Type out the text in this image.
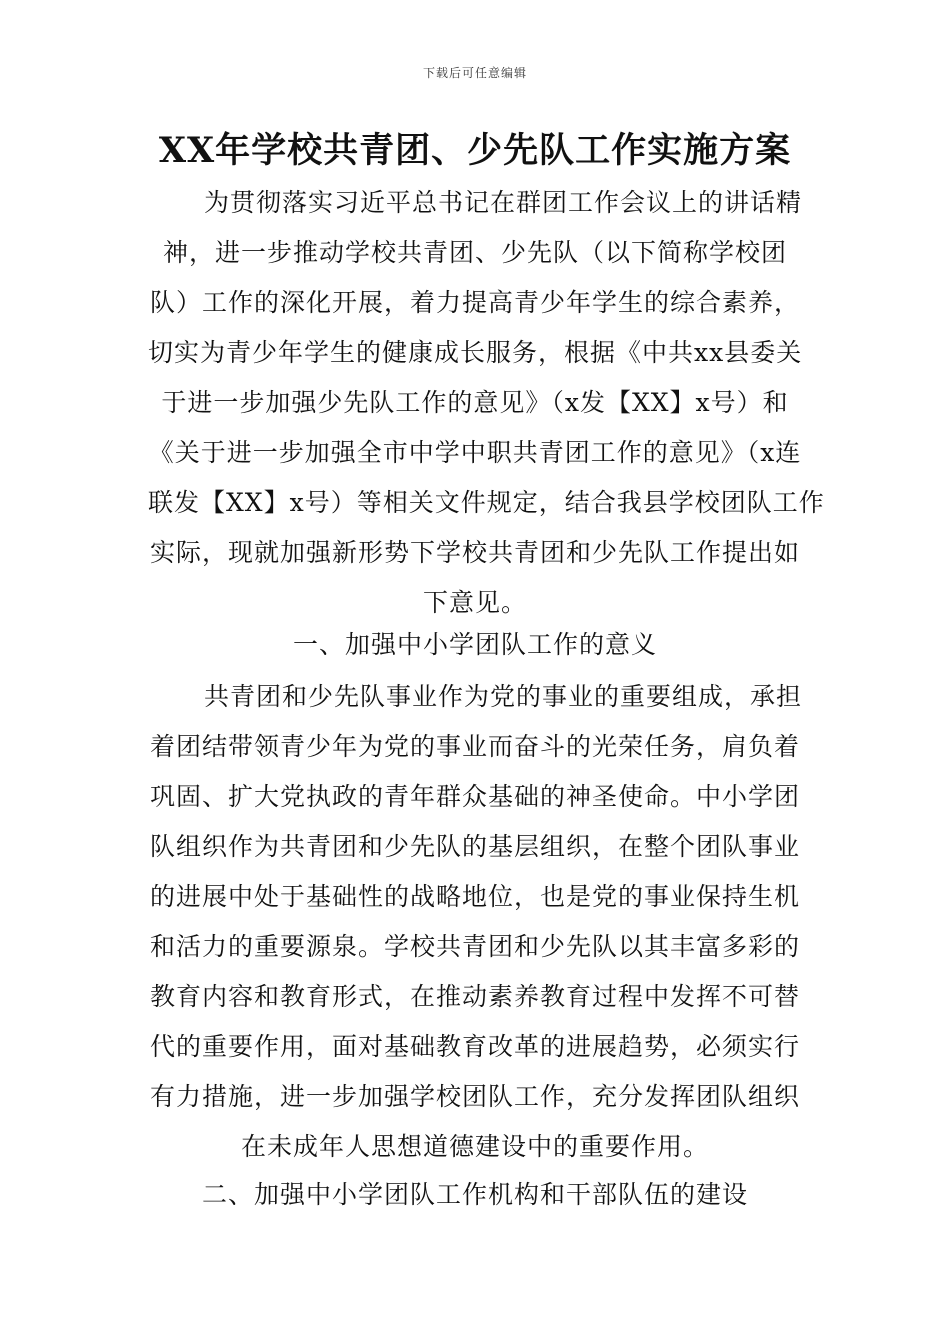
下载后可任意编辑
XX年学校共青团、少先队工作实施方案
为贯彻落实习近平总书记在群团工作会议上的讲话精
神，进一步推动学校共青团、少先队（以下简称学校团
队）工作的深化开展，着力提高青少年学生的综合素养，
切实为青少年学生的健康成长服务，根据《中共xx县委关
于进一步加强少先队工作的意见》（x发【XX】x号）和
《关于进一步加强全市中学中职共青团工作的意见》（x连
联发【XX】x号）等相关文件规定，结合我县学校团队工作
实际，现就加强新形势下学校共青团和少先队工作提出如
下意见。
一、加强中小学团队工作的意义
共青团和少先队事业作为党的事业的重要组成，承担
着团结带领青少年为党的事业而奋斗的光荣任务，肩负着
巩固、扩大党执政的青年群众基础的神圣使命。中小学团
队组织作为共青团和少先队的基层组织，在整个团队事业
的进展中处于基础性的战略地位，也是党的事业保持生机
和活力的重要源泉。学校共青团和少先队以其丰富多彩的
教育内容和教育形式，在推动素养教育过程中发挥不可替
代的重要作用，面对基础教育改革的进展趋势，必须实行
有力措施，进一步加强学校团队工作，充分发挥团队组织
在未成年人思想道德建设中的重要作用。
二、加强中小学团队工作机构和干部队伍的建设
